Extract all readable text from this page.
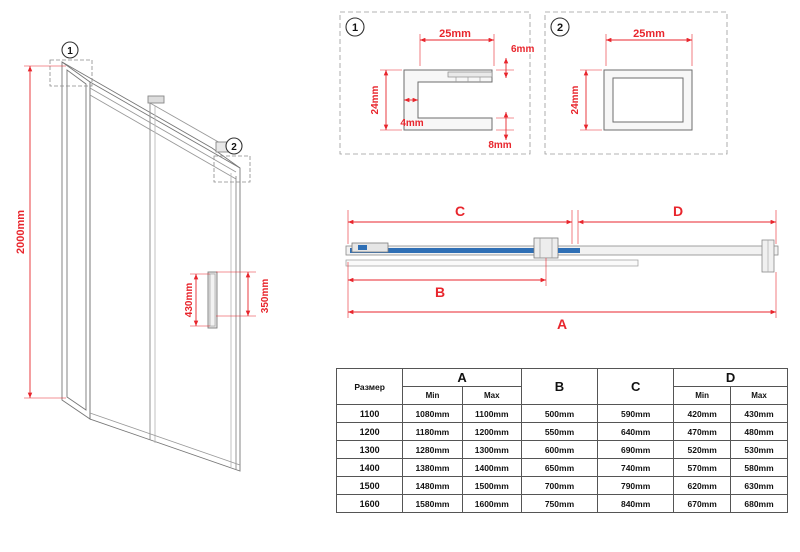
1
2
2000mm
430mm	350mm
1	25mm
24mm
4mm
6mm
8mm
2	25mm
24mm
C	D
B
A
Размер	A		B	C	D	
	Min	Max			Min	Max
1100	1080mm	1100mm	500mm	590mm	420mm	430mm
1200	1180mm	1200mm	550mm	640mm	470mm	480mm
1300	1280mm	1300mm	600mm	690mm	520mm	530mm
1400	1380mm	1400mm	650mm	740mm	570mm	580mm
1500	1480mm	1500mm	700mm	790mm	620mm	630mm
1600	1580mm	1600mm	750mm	840mm	670mm	680mm
